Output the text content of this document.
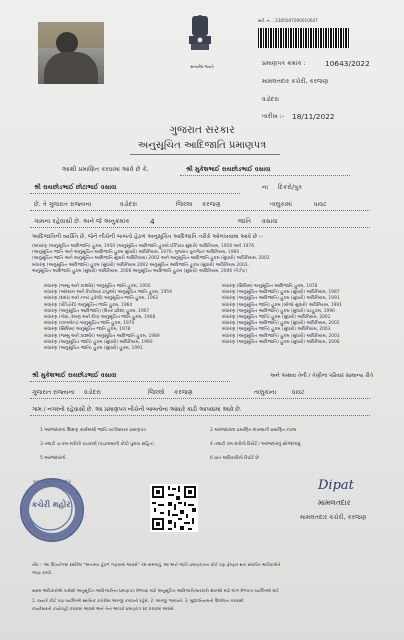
સત્યમેવ જયતે
સર્વ. નં. : 2305047000010647
પ્રમાણપત્ર ક્રમાંક :	10643/2022
મામલતદાર કચેરી, કરજણ
વડોદરા
તારીખ :- 18/11/2022
ગુજરાત સરકાર
અનુસૂચિત આદિજાતિ પ્રમાણપત્ર
આથી પ્રમાણિત કરવામાં આવે છે કે,	શ્રી મુકેશભાઈ રાયછોડભાઈ વસાવા
શ્રી રાયછોડભાઈ છોટાભાઈ વસાવા	ના દિકરો/પુત્ર
છે. તે ગુજરાત રાજ્યના	વડોદરા	જિલ્લા કરજણ	તાલુકામાં	ધાવટ
ગામના રહેવાસી છે. અને જે અનુક્રમાંક	4	જાતિ વસાવા
આદિજાતિની વ્યક્તિ છે, જેને નીચેની બાબતો હેઠળ અનુસૂચિત આદિજાતિ તરીકે ઓળખવામાં આવે છે :-
(બંધારણ (અનુસૂચિત આદિજાતિ) હુકમ, 1950 (અનુસૂચિત આદિજાતિ હુકમો ઈન્ડિયા સુધારો) અધિનિયમ, 1956 અને 1976
(અનુસૂચિત જાતિ અને અનુસૂચિત આદિજાતિ હુકમ સુધારો) અધિનિયમ, 1976, ગુજરાત પુનર્ગઠન અધિનિયમ, 1960 ,
(અનુસૂચિત જાતિ અને અનુસૂચિત આદિજાતિ સુધારો અધિનિયમ) 2002 અને અનુસૂચિત આદિજાતિ હુકમ (સુધારો) અધિનિયમ, 2002
બંધારણ (અનુસૂચિત આદિજાતિ) હુકમ (સુધારો) અધિનિયમ 2002 અનુસૂચિત આદિજાતિ હુકમ (સુધારો) અધિનિયમ 2003 ,
અનુસૂચિત આદિજાતિ હુકમ (સુધારો) અધિનિયમ, 2006 અનુસૂચિત આદિજાતિ હુકમ (સુધારો) અધિનિયમ, 2006 (ગેઝેટ)
બંધારણ (જમ્મુ અને કાશ્મીર) અનુસૂચિત જાતિ હુકમ, 1956
બંધારણ (અંદમાન અને નિકોબાર ટાપુઓ) અનુસૂચિત જાતિ હુકમ, 1959
બંધારણ (દાદરા અને નગર હવેલી) અનુસૂચિત જાતિ હુકમ, 1962
બંધારણ (પોંડિચેરી) અનુસૂચિત જાતિ હુકમ, 1964
બંધારણ (અનુસૂચિત આદિજાતિ) (ઉત્તર પ્રદેશ) હુકમ, 1967
બંધારણ (ગોવા, દમણ અને દીવ) અનુસૂચિત જાતિ હુકમ, 1968
બંધારણ (નાગાલેન્ડ) અનુસૂચિત જાતિ હુકમ, 1970
બંધારણ (સિક્કિમ) અનુસૂચિત જાતિ હુકમ, 1978
બંધારણ (જમ્મુ અને કાશ્મીર) અનુસૂચિત આદિજાતિ હુકમ, 1989
બંધારણ (અનુસૂચિત જાતિ) હુકમ (સુધારો) અધિનિયમ, 1990
બંધારણ (અનુસૂચિત જાતિ) હુકમ (સુધારો) હુકમ, 1991
બંધારણ (સિક્કિમ) અનુસૂચિત આદિજાતિ હુકમ, 1978
બંધારણ (અનુસૂચિત આદિજાતિ) હુકમ (સુધારો) અધિનિયમ, 1987
બંધારણ (અનુસૂચિત આદિજાતિ) હુકમ (સુધારો) અધિનિયમ, 1991
બંધારણ (અનુસૂચિત જાતિ) હુકમ (બીજો સુધારો) અધિનિયમ, 1991
બંધારણ (અનુસૂચિત આદિજાતિ) હુકમ (સુધારો) વટહુકમ, 1996
બંધારણ (અનુસૂચિત જાતિ) હુકમ (સુધારો) અધિનિયમ, 2002
બંધારણ (અનુસૂચિત આદિજાતિ) હુકમ (સુધારો) અધિનિયમ, 2002
બંધારણ (અનુસૂચિત જાતિ) હુકમ (સુધારો) અધિનિયમ, 2003
બંધારણ (અનુસૂચિત આદિજાતિ) હુકમ (સુધારો) અધિનિયમ, 2003
બંધારણ (અનુસૂચિત આદિજાતિ) હુકમ (સુધારો) અધિનિયમ, 2006
શ્રી મુકેશભાઈ રાયછોડભાઈ વસાવા	અને અથવા તેની / તેણીના પરિવાર સામાન્ય રીતે
ગુજરાત રાજ્યના વડોદરા	જિલ્લો કરજણ	તાલુકાના	ધાવટ
ગામ / નગરનો રહેવાસી છે. આ પ્રમાણપત્ર નીચેની બાબતોના આધારે કાઢી આપવામાં આવે છે.
1 અરજદારના શિક્ષણ કાર્યમાંથી જાતિ ખાત્રીલાયક પ્રમાણપત્ર
3 તલાટી ચ-કમ-મંત્રીનો પંચકાર્ય (પંચનામાની કોપી પુરાવા સહિત)
5 અરજદારનો
2 અરજદારના પ્રમાણિત દાખલાની પ્રમાણિત નકલ
4 તલાટી કમ મંત્રીનો રિપોર્ટ / અરજદારનું સોગંદનામું
6 પ્રાંત અધિકારીનો રિપોર્ટ છે.
મામલતદાર જમીનદાર
કચેરી મહોર
Dipat
મામલતદાર
મામલતદાર કચેરી, કરજણ
નોંધ :- આ ઉપયોગમાં દર્શાવેલ "અનામત હેઠળ ગણવામાં આવશે" તેમ સમજવું. આ અને જાતિ પ્રમાણપત્રના કોઈ પણ ફેરફાર થતાં સંબંધિત અધિકારીને
જાણ કરવી.
સક્ષમ અધિકારીશ્રી પાસેથી અનુસૂચિત આદિજાતિના પ્રમાણપત્ર મેળવવા માટે અનુસૂચિત આદિજાતિ/સરકારી સેવાઓ માટે લાભ મેળવતા વ્યક્તિઓ માટે
1. જ્યારે કોઈ પણ વ્યક્તિએ સ્થાનિક કચેરીમાં અરજી કરવાની રહેશે. 2. અરજી ભરવાની. 3. મુદ્દાનિયમનો ઉલ્લંઘન કરવાથી
કાયદેસરની કાર્યવાહી કરવામાં આવશે અને તેના આધારે પ્રમાણપત્ર રદ કરવામાં આવશે.
